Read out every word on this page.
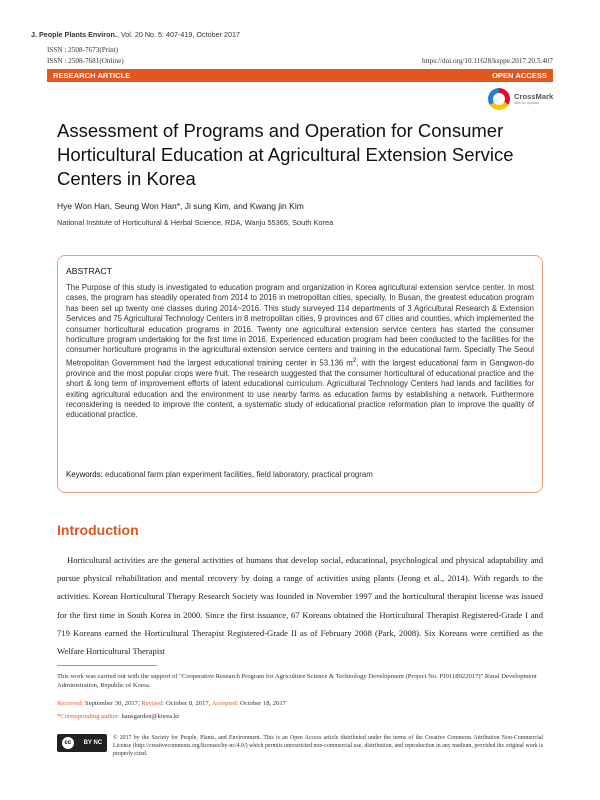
J. People Plants Environ., Vol. 20 No. 5: 407-419, October 2017
ISSN : 2508-7673(Print)
ISSN : 2508-7681(Online)	https://doi.org/10.11628/ksppe.2017.20.5.407
RESEARCH ARTICLE	OPEN ACCESS
CrossMark
click for updates
Assessment of Programs and Operation for Consumer Horticultural Education at Agricultural Extension Service Centers in Korea
Hye Won Han, Seung Won Han*, Ji sung Kim, and Kwang jin Kim
National Institute of Horticultural & Herbal Science, RDA, Wanju 55365, South Korea
ABSTRACT
The Purpose of this study is investigated to education program and organization in Korea agricultural extension service center. In most cases, the program has steadily operated from 2014 to 2016 in metropolitan cities, specially, In Busan, the greatest education program has been set up twenty one classes during 2014~2016. This study surveyed 114 departments of 3 Agricultural Research & Extension Services and 75 Agricultural Technology Centers in 8 metropolitan cities, 9 provinces and 67 cities and counties, which implemented the consumer horticultural education programs in 2016. Twenty one agricultural extension service centers has started the consumer horticulture program undertaking for the first time in 2016. Experienced education program had been conducted to the facilities for the consumer horticulture programs in the agricultural extension service centers and training in the educational farm. Specially The Seoul Metropolitan Government had the largest educational training center in 53.136 $m^2$, with the largest educational farm in Gangwon-do province and the most popular crops were fruit. The research suggested that the consumer horticultural of educational practice and the short & long term of improvement efforts of latent educational curriculum. Agricultural Technology Centers had lands and facilities for exiting agricultural education and the environment to use nearby farms as education farms by establishing a network. Furthermore reconsidering is needed to improve the content, a systematic study of educational practice reformation plan to improve the quality of educational practice.
Keywords: educational farm plan experiment facilities, field laboratory, practical program
Introduction
Horticultural activities are the general activities of humans that develop social, educational, psychological and physical adaptability and pursue physical rehabilitation and mental recovery by doing a range of activities using plants (Jeong et al., 2014). With regards to the activities. Korean Horticultural Therapy Research Society was founded in November 1997 and the horticultural therapist license was issued for the first time in South Korea in 2000. Since the first issuance, 67 Koreans obtained the Horticultural Therapist Registered-Grade I and 719 Koreans earned the Horticultural Therapist Registered-Grade II as of February 2008 (Park, 2008). Six Koreans were certified as the Welfare Horticultural Therapist
This work was carried out with the support of "Cooperative Research Program for Agriculture Science & Technology Development (Project No. PJ0118922017)" Rural Development Administration, Republic of Korea.
Received: September 30, 2017, Revised: October 8, 2017, Accepted: October 18, 2017
*Corresponding author: hansgarden@korea.kr
cc	BY NC
© 2017 by the Society for People, Plants, and Environment. This is an Open Access article distributed under the terms of the Creative Commons Attribution Non-Commercial License (http://creativecommons.org/licenses/by-nc/4.0/) which permits unrestricted non-commercial use, distribution, and reproduction in any medium, provided the original work is properly cited.
